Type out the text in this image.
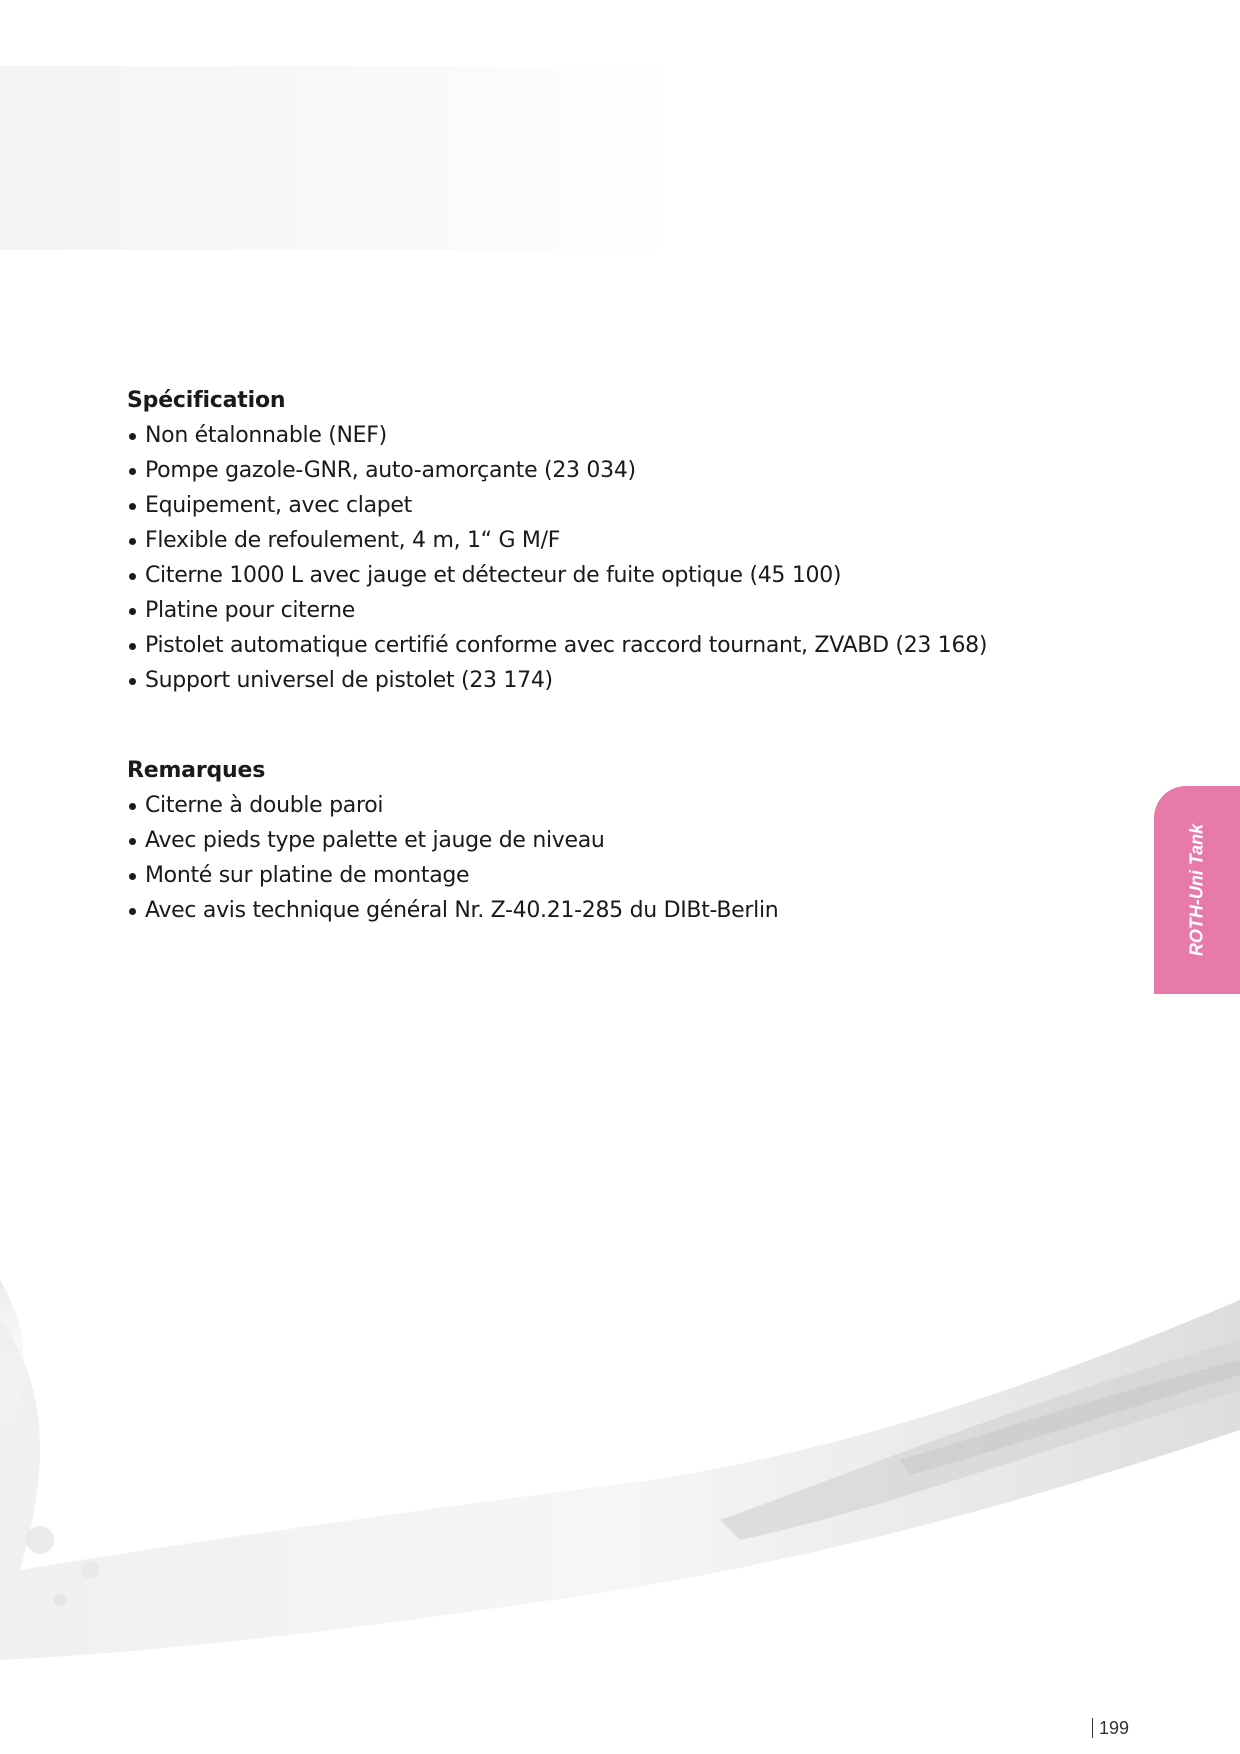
Spécification
Non étalonnable (NEF)
Pompe gazole-GNR, auto-amorçante (23 034)
Equipement, avec clapet
Flexible de refoulement, 4 m, 1“ G M/F
Citerne 1000 L avec jauge et détecteur de fuite optique (45 100)
Platine pour citerne
Pistolet automatique certifié conforme avec raccord tournant, ZVABD (23 168)
Support universel de pistolet (23 174)
Remarques
Citerne à double paroi
Avec pieds type palette et jauge de niveau
Monté sur platine de montage
Avec avis technique général Nr. Z-40.21-285 du DIBt-Berlin	ROTH-Uni Tank
199
